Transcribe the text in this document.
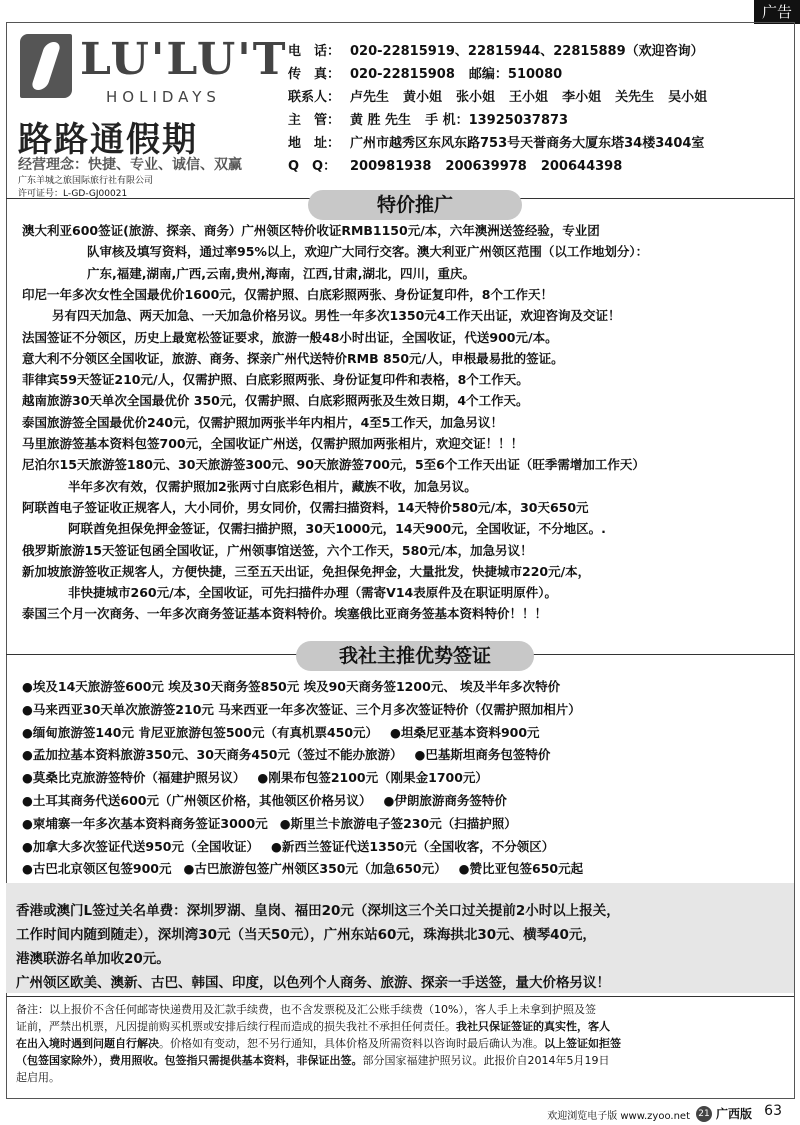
广告
LU'LU'T
HOLIDAYS
路路通假期
经营理念：快捷、专业、诚信、双赢
广东羊城之旅国际旅行社有限公司
许可证号：L-GD-GJ00021
电　话： 020-22815919、22815944、22815889（欢迎咨询）
传　真： 020-22815908 邮编：510080
联系人： 卢先生 黄小姐 张小姐 王小姐 李小姐 关先生 吴小姐
主　管： 黄 胜 先生 手 机：13925037873
地　址： 广州市越秀区东风东路753号天誉商务大厦东塔34楼3404室
Q　Q： 200981938 200639978 200644398
特价推广
澳大利亚600签证(旅游、探亲、商务）广州领区特价收证RMB1150元/本，六年澳洲送签经验，专业团
队审核及填写资料，通过率95%以上，欢迎广大同行交客。澳大利亚广州领区范围（以工作地划分）：
广东,福建,湖南,广西,云南,贵州,海南，江西,甘肃,湖北，四川，重庆。
印尼一年多次女性全国最优价1600元，仅需护照、白底彩照两张、身份证复印件，8个工作天！
另有四天加急、两天加急、一天加急价格另议。男性一年多次1350元4工作天出证，欢迎咨询及交证！
法国签证不分领区，历史上最宽松签证要求，旅游一般48小时出证，全国收证，代送900元/本。
意大利不分领区全国收证，旅游、商务、探亲广州代送特价RMB 850元/人，申根最易批的签证。
菲律宾59天签证210元/人，仅需护照、白底彩照两张、身份证复印件和表格，8个工作天。
越南旅游30天单次全国最优价 350元，仅需护照、白底彩照两张及生效日期，4个工作天。
泰国旅游签全国最优价240元，仅需护照加两张半年内相片，4至5工作天，加急另议！
马里旅游签基本资料包签700元，全国收证广州送，仅需护照加两张相片，欢迎交证！！！
尼泊尔15天旅游签180元、30天旅游签300元、90天旅游签700元，5至6个工作天出证（旺季需增加工作天）
半年多次有效，仅需护照加2张两寸白底彩色相片，藏族不收，加急另议。
阿联酋电子签证收正规客人，大小同价，男女同价，仅需扫描资料，14天特价580元/本，30天650元
阿联酋免担保免押金签证，仅需扫描护照，30天1000元，14天900元，全国收证，不分地区。.
俄罗斯旅游15天签证包函全国收证，广州领事馆送签，六个工作天，580元/本，加急另议！
新加坡旅游签收正规客人，方便快捷，三至五天出证，免担保免押金，大量批发，快捷城市220元/本，
非快捷城市260元/本，全国收证，可先扫描件办理（需寄V14表原件及在职证明原件）。
泰国三个月一次商务、一年多次商务签证基本资料特价。埃塞俄比亚商务签基本资料特价！！！
我社主推优势签证
●埃及14天旅游签600元 埃及30天商务签850元 埃及90天商务签1200元、 埃及半年多次特价
●马来西亚30天单次旅游签210元 马来西亚一年多次签证、三个月多次签证特价（仅需护照加相片）
●缅甸旅游签140元 肯尼亚旅游包签500元（有真机票450元） ●坦桑尼亚基本资料900元
●孟加拉基本资料旅游350元、30天商务450元（签过不能办旅游） ●巴基斯坦商务包签特价
●莫桑比克旅游签特价（福建护照另议） ●刚果布包签2100元（刚果金1700元）
●土耳其商务代送600元（广州领区价格，其他领区价格另议） ●伊朗旅游商务签特价
●柬埔寨一年多次基本资料商务签证3000元 ●斯里兰卡旅游电子签230元（扫描护照）
●加拿大多次签证代送950元（全国收证） ●新西兰签证代送1350元（全国收客，不分领区）
●古巴北京领区包签900元 ●古巴旅游包签广州领区350元（加急650元） ●赞比亚包签650元起
香港或澳门L签过关名单费：深圳罗湖、皇岗、福田20元（深圳这三个关口过关提前2小时以上报关，
工作时间内随到随走），深圳湾30元（当天50元），广州东站60元，珠海拱北30元、横琴40元，
港澳联游名单加收20元。
广州领区欧美、澳新、古巴、韩国、印度，以色列个人商务、旅游、探亲一手送签，量大价格另议！
备注：以上报价不含任何邮寄快递费用及汇款手续费，也不含发票税及汇公账手续费（10%），客人手上未拿到护照及签
证前，严禁出机票，凡因提前购买机票或安排后续行程而造成的损失我社不承担任何责任。我社只保证签证的真实性，客人
在出入境时遇到问题自行解决。价格如有变动，恕不另行通知，具体价格及所需资料以咨询时最后确认为准。以上签证如拒签
（包签国家除外），费用照收。包签指只需提供基本资料，非保证出签。部分国家福建护照另议。此报价自2014年5月19日
起启用。
欢迎浏览电子版 www.zyoo.net 21 广西版 63
